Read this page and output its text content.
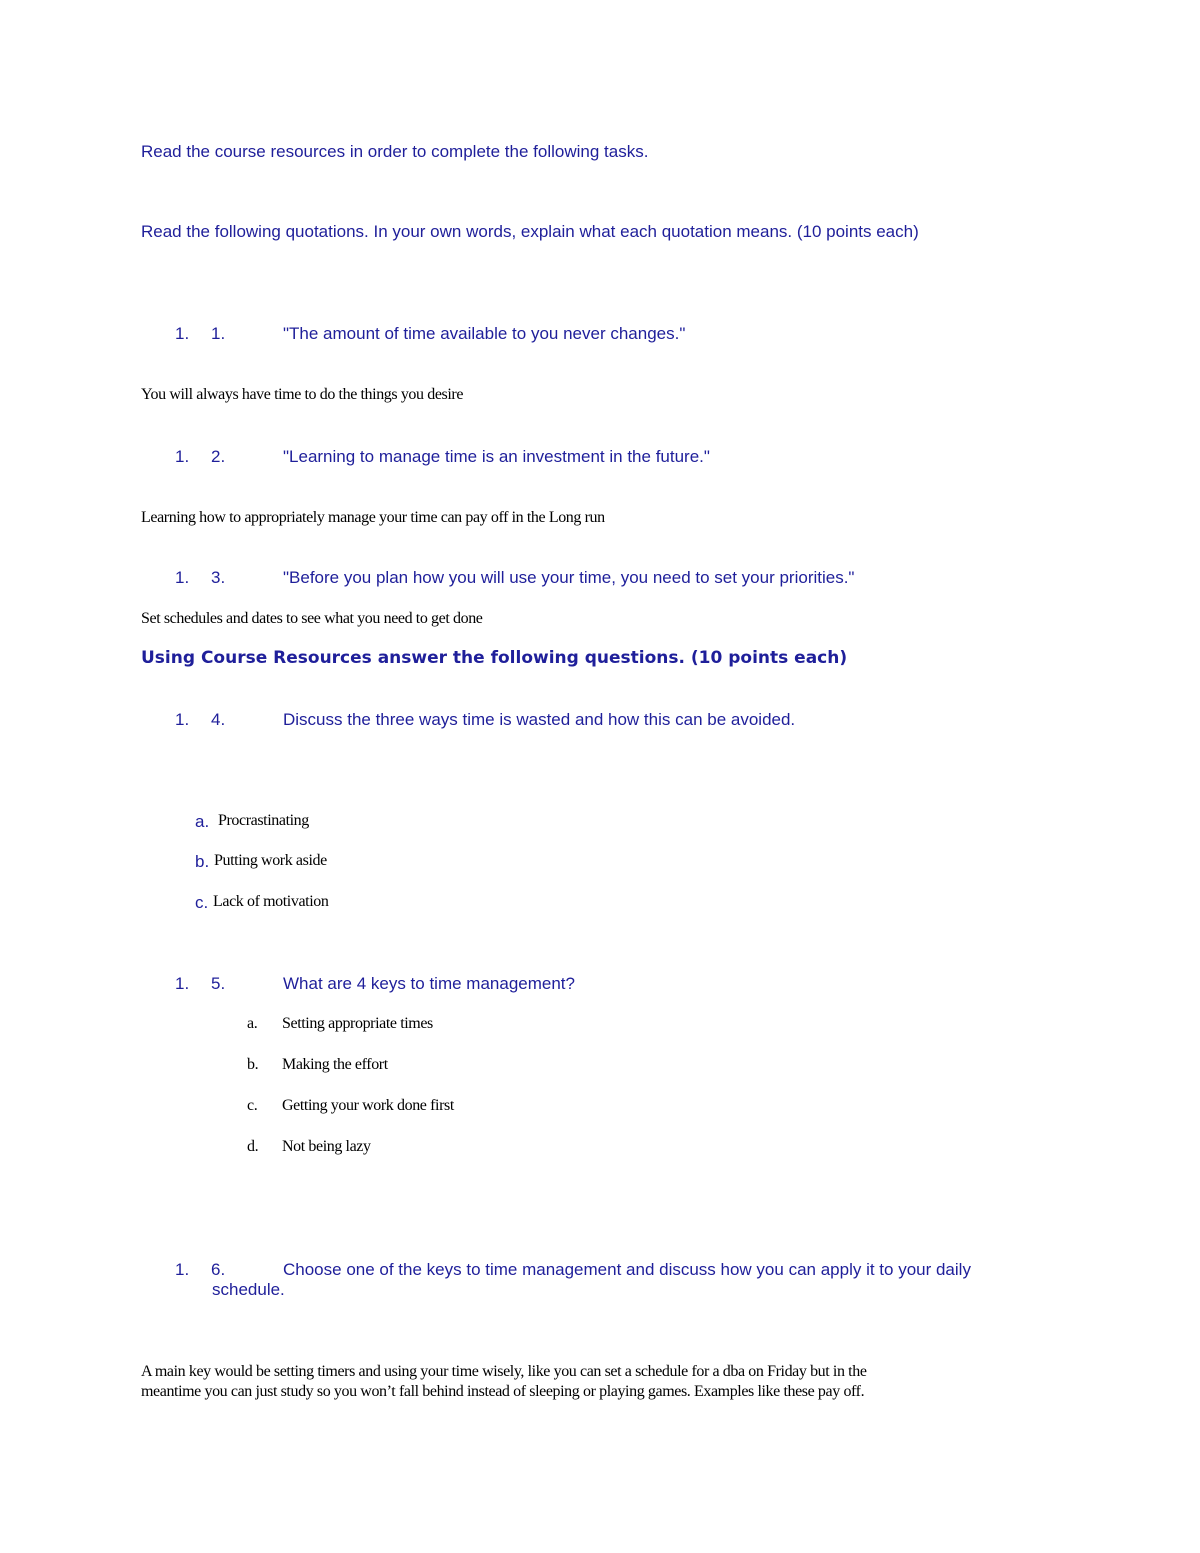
Read the course resources in order to complete the following tasks.

Read the following quotations. In your own words, explain what each quotation means. (10 points each)

1. 1.	"The amount of time available to you never changes."

You will always have time to do the things you desire

1. 2.	"Learning to manage time is an investment in the future."

Learning how to appropriately manage your time can pay off in the Long run

1. 3.	"Before you plan how you will use your time, you need to set your priorities."

Set schedules and dates to see what you need to get done

Using Course Resources answer the following questions. (10 points each)

1. 4.	Discuss the three ways time is wasted and how this can be avoided.
a. Procrastinating
b. Putting work aside
c. Lack of motivation
1. 5.	What are 4 keys to time management?
a. Setting appropriate times
b. Making the effort
c. Getting your work done first
d. Not being lazy
1. 6.	Choose one of the keys to time management and discuss how you can apply it to your daily
schedule.

A main key would be setting timers and using your time wisely, like you can set a schedule for a dba on Friday but in the

meantime you can just study so you won’t fall behind instead of sleeping or playing games. Examples like these pay off.
